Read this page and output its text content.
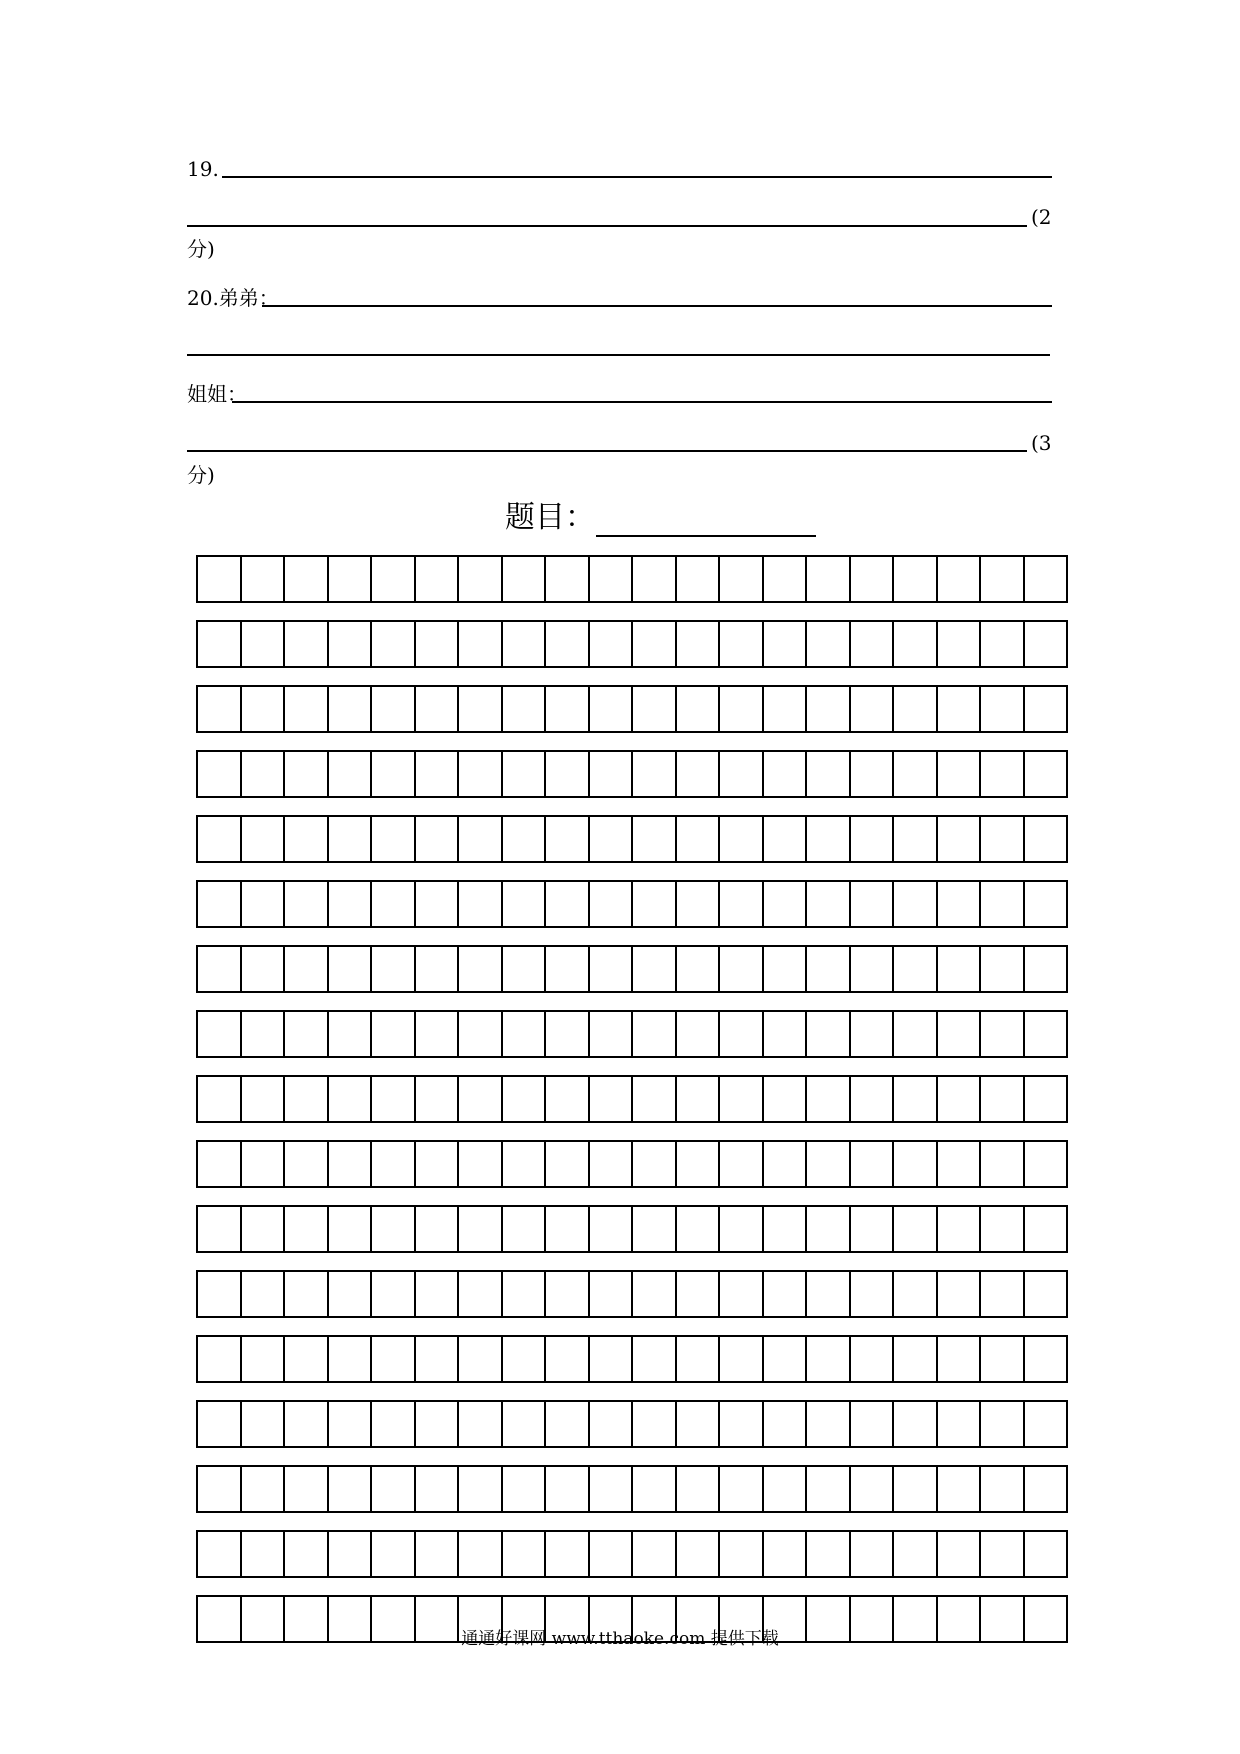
19.
(2
分)
20.弟弟：
姐姐：
(3
分)
题目：
通通好课网 www.tthaoke.com 提供下载
